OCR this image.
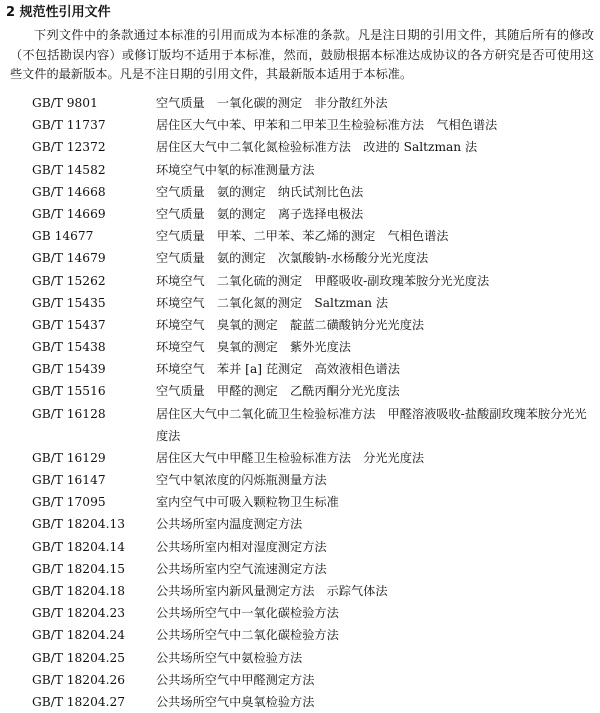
2 规范性引用文件

下列文件中的条款通过本标准的引用而成为本标准的条款。凡是注日期的引用文件，其随后所有的修改（不包括勘误内容）或修订版均不适用于本标准，然而，鼓励根据本标准达成协议的各方研究是否可使用这些文件的最新版本。凡是不注日期的引用文件，其最新版本适用于本标准。

GB/T 9801	空气质量　一氧化碳的测定　非分散红外法
GB/T 11737	居住区大气中苯、甲苯和二甲苯卫生检验标准方法　气相色谱法
GB/T 12372	居住区大气中二氧化氮检验标准方法　改进的 Saltzman 法
GB/T 14582	环境空气中氡的标准测量方法
GB/T 14668	空气质量　氨的测定　纳氏试剂比色法
GB/T 14669	空气质量　氨的测定　离子选择电极法
GB 14677	空气质量　甲苯、二甲苯、苯乙烯的测定　气相色谱法
GB/T 14679	空气质量　氨的测定　次氯酸钠-水杨酸分光光度法
GB/T 15262	环境空气　二氧化硫的测定　甲醛吸收-副玫瑰苯胺分光光度法
GB/T 15435	环境空气　二氧化氮的测定　Saltzman 法
GB/T 15437	环境空气　臭氧的测定　靛蓝二磺酸钠分光光度法
GB/T 15438	环境空气　臭氧的测定　紫外光度法
GB/T 15439	环境空气　苯并 [a] 芘测定　高效液相色谱法
GB/T 15516	空气质量　甲醛的测定　乙酰丙酮分光光度法
GB/T 16128	居住区大气中二氧化硫卫生检验标准方法　甲醛溶液吸收-盐酸副玫瑰苯胺分光光度法
GB/T 16129	居住区大气中甲醛卫生检验标准方法　分光光度法
GB/T 16147	空气中氡浓度的闪烁瓶测量方法
GB/T 17095	室内空气中可吸入颗粒物卫生标准
GB/T 18204.13	公共场所室内温度测定方法
GB/T 18204.14	公共场所室内相对湿度测定方法
GB/T 18204.15	公共场所室内空气流速测定方法
GB/T 18204.18	公共场所室内新风量测定方法　示踪气体法
GB/T 18204.23	公共场所空气中一氧化碳检验方法
GB/T 18204.24	公共场所空气中二氧化碳检验方法
GB/T 18204.25	公共场所空气中氨检验方法
GB/T 18204.26	公共场所空气中甲醛测定方法
GB/T 18204.27	公共场所空气中臭氧检验方法
